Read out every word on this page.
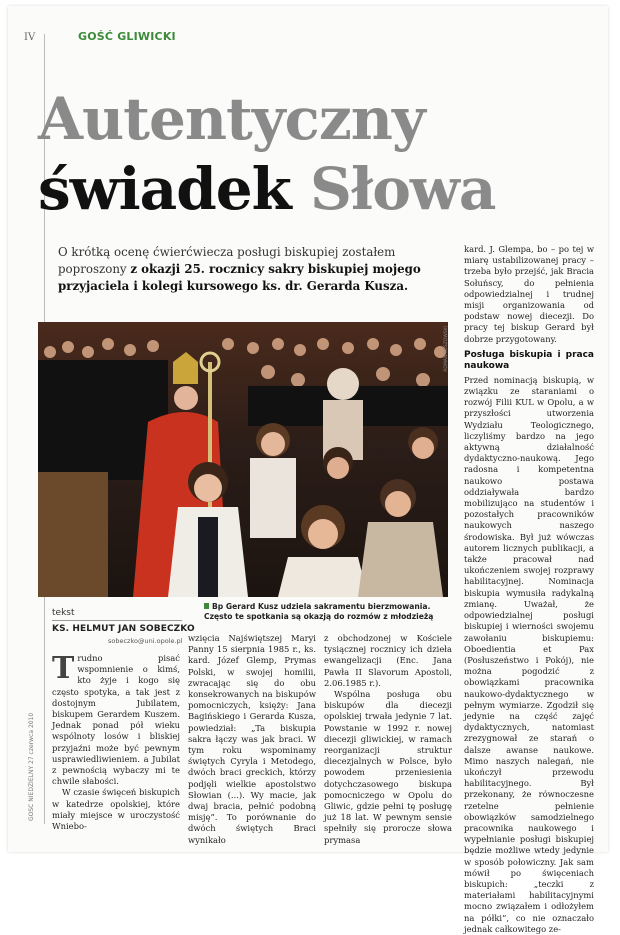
IV	GOŚĆ GLIWICKI
Autentyczny
świadek Słowa
O krótką ocenę ćwierćwiecza posługi biskupiej zostałem poproszony z okazji 25. rocznicy sakry biskupiej mojego przyjaciela i kolegi kursowego ks. dr. Gerarda Kusza.
ROMAN KOSZOWSKI
Bp Gerard Kusz udziela sakramentu bierzmowania.
Często te spotkania są okazją do rozmów z młodzieżą
tekst
KS. HELMUT JAN SOBECZKO
sobeczko@uni.opole.pl
GOŚĆ NIEDZIELNY 27 czerwca 2010

Trudno pisać wspomnienie o kimś, kto żyje i kogo się często spotyka, a tak jest z dostojnym Jubilatem, biskupem Gerardem Kuszem. Jednak ponad pół wieku wspólnoty losów i bliskiej przyjaźni może być pewnym usprawiedliwieniem. a Jubilat z pewnością wybaczy mi te chwile słabości.

W czasie święceń biskupich w katedrze opolskiej, które miały miejsce w uroczystość Wniebo-

wzięcia Najświętszej Maryi Panny 15 sierpnia 1985 r., ks. kard. Józef Glemp, Prymas Polski, w swojej homilii, zwracając się do obu konsekrowanych na biskupów pomocniczych, księży: Jana Bagińskiego i Gerarda Kusza, powiedział: „Ta biskupia sakra łączy was jak braci. W tym roku wspominamy świętych Cyryla i Metodego, dwóch braci greckich, którzy podjęli wielkie apostolstwo Słowian (...). Wy macie, jak dwaj bracia, pełnić podobną misję”. To porównanie do dwóch świętych Braci wynikało

z obchodzonej w Kościele tysiącznej rocznicy ich dzieła ewangelizacji (Enc. Jana Pawła II Slavorum Apostoli, 2.06.1985 r.).

Wspólna posługa obu biskupów dla diecezji opolskiej trwała jedynie 7 lat. Powstanie w 1992 r. nowej diecezji gliwickiej, w ramach reorganizacji struktur diecezjalnych w Polsce, było powodem przeniesienia dotychczasowego biskupa pomocniczego w Opolu do Gliwic, gdzie pełni tę posługę już 18 lat. W pewnym sensie spełniły się prorocze słowa prymasa

kard. J. Glempa, bo – po tej w miarę ustabilizowanej pracy – trzeba było przejść, jak Bracia Sołuńscy, do pełnienia odpowiedzialnej i trudnej misji organizowania od podstaw nowej diecezji. Do pracy tej biskup Gerard był dobrze przygotowany.

Posługa biskupia i praca naukowa

Przed nominacją biskupią, w związku ze staraniami o rozwój Filii KUL w Opolu, a w przyszłości utworzenia Wydziału Teologicznego, liczyliśmy bardzo na jego aktywną działalność dydaktyczno-naukową. Jego radosna i kompetentna naukowo postawa oddziaływała bardzo mobilizująco na studentów i pozostałych pracowników naukowych naszego środowiska. Był już wówczas autorem licznych publikacji, a także pracował nad ukończeniem swojej rozprawy habilitacyjnej. Nominacja biskupia wymusiła radykalną zmianę. Uważał, że odpowiedzialnej posługi biskupiej i wierności swojemu zawołaniu biskupiemu: Oboedientia et Pax (Posłuszeństwo i Pokój), nie można pogodzić z obowiązkami pracownika naukowo-dydaktycznego w pełnym wymiarze. Zgodził się jedynie na część zajęć dydaktycznych, natomiast zrezygnował ze starań o dalsze awanse naukowe. Mimo naszych nalegań, nie ukończył przewodu habilitacyjnego. Był przekonany, że równoczesne rzetelne pełnienie obowiązków samodzielnego pracownika naukowego i wypełnianie posługi biskupiej będzie możliwe wtedy jedynie w sposób połowiczny. Jak sam mówił po święceniach biskupich: „teczki z materiałami habilitacyjnymi mocno związałem i odłożyłem na półki”, co nie oznaczało jednak całkowitego ze-
